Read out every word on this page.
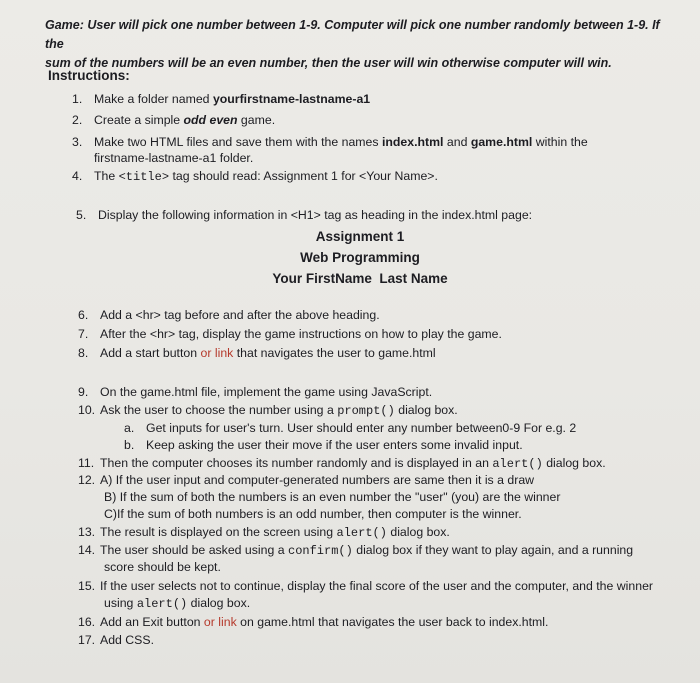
Game: User will pick one number between 1-9. Computer will pick one number randomly between 1-9. If the
sum of the numbers will be an even number, then the user will win otherwise computer will win.
Instructions:
1. Make a folder named yourfirstname-lastname-a1
2. Create a simple odd even game.
3. Make two HTML files and save them with the names index.html and game.html within the
firstname-lastname-a1 folder.
4. The <title> tag should read: Assignment 1 for <Your Name>.
5. Display the following information in <H1> tag as heading in the index.html page:
Assignment 1
Web Programming
Your FirstName  Last Name
6. Add a <hr> tag before and after the above heading.
7. After the <hr> tag, display the game instructions on how to play the game.
8. Add a start button or link that navigates the user to game.html
9. On the game.html file, implement the game using JavaScript.
10. Ask the user to choose the number using a prompt() dialog box.
a. Get inputs for user's turn. User should enter any number between0-9 For e.g. 2
b. Keep asking the user their move if the user enters some invalid input.
11. Then the computer chooses its number randomly and is displayed in an alert() dialog box.
12. A) If the user input and computer-generated numbers are same then it is a draw
B) If the sum of both the numbers is an even number the "user" (you) are the winner
C)If the sum of both numbers is an odd number, then computer is the winner.
13. The result is displayed on the screen using alert() dialog box.
14. The user should be asked using a confirm() dialog box if they want to play again, and a running
score should be kept.
15. If the user selects not to continue, display the final score of the user and the computer, and the winner
using alert() dialog box.
16. Add an Exit button or link on game.html that navigates the user back to index.html.
17. Add CSS.
